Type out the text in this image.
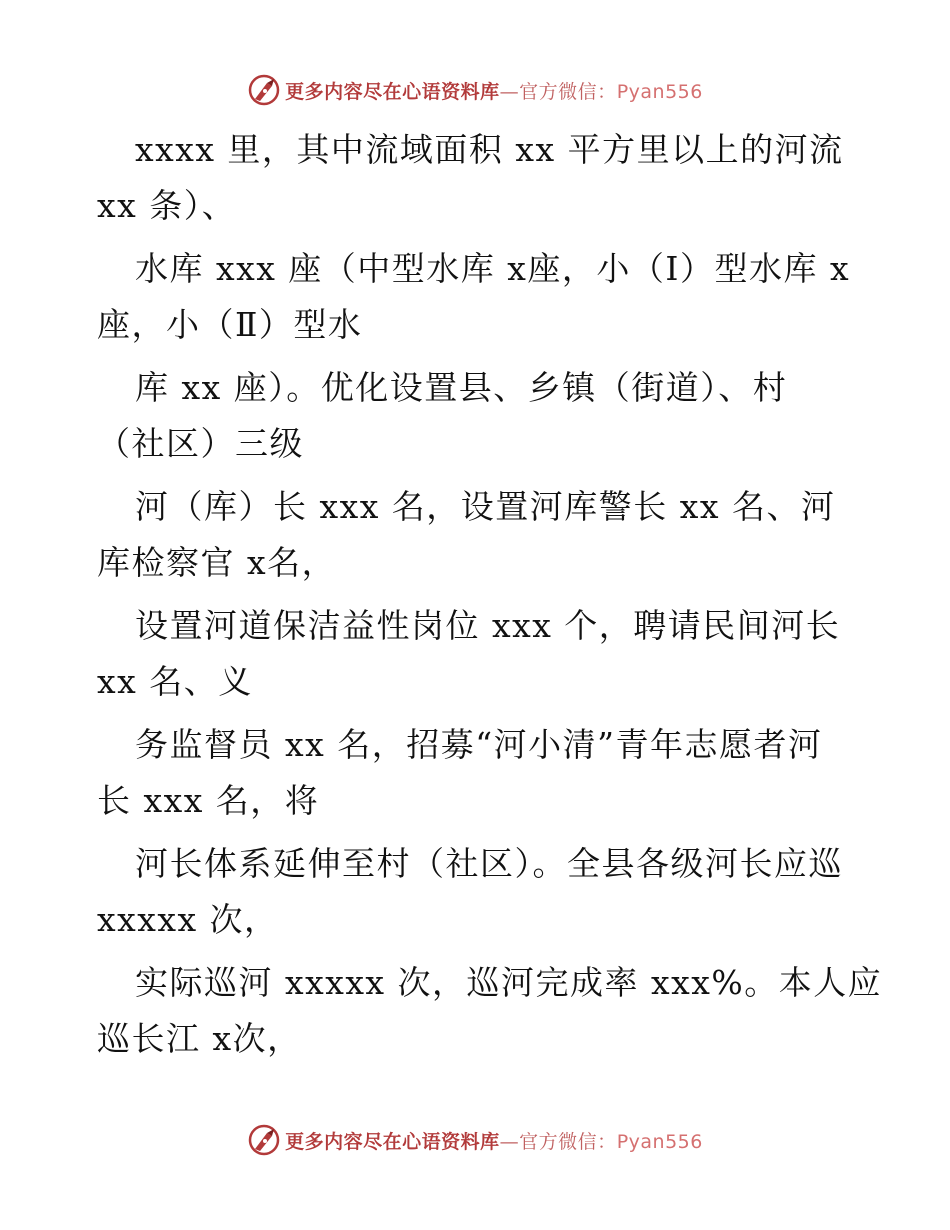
更多内容尽在心语资料库—官方微信：Pyan556
xxxx 里，其中流域面积 xx 平方里以上的河流
xx 条）、
水库 xxx 座（中型水库 x座，小（Ⅰ）型水库 x
座，小（Ⅱ）型水
库 xx 座）。优化设置县、乡镇（街道）、村
（社区）三级
河（库）长 xxx 名，设置河库警长 xx 名、河
库检察官 x名，
设置河道保洁益性岗位 xxx 个，聘请民间河长
xx 名、义
务监督员 xx 名，招募“河小清”青年志愿者河
长 xxx 名，将
河长体系延伸至村（社区）。全县各级河长应巡
xxxxx 次，
实际巡河 xxxxx 次，巡河完成率 xxx%。本人应
巡长江 x次，
更多内容尽在心语资料库—官方微信：Pyan556
